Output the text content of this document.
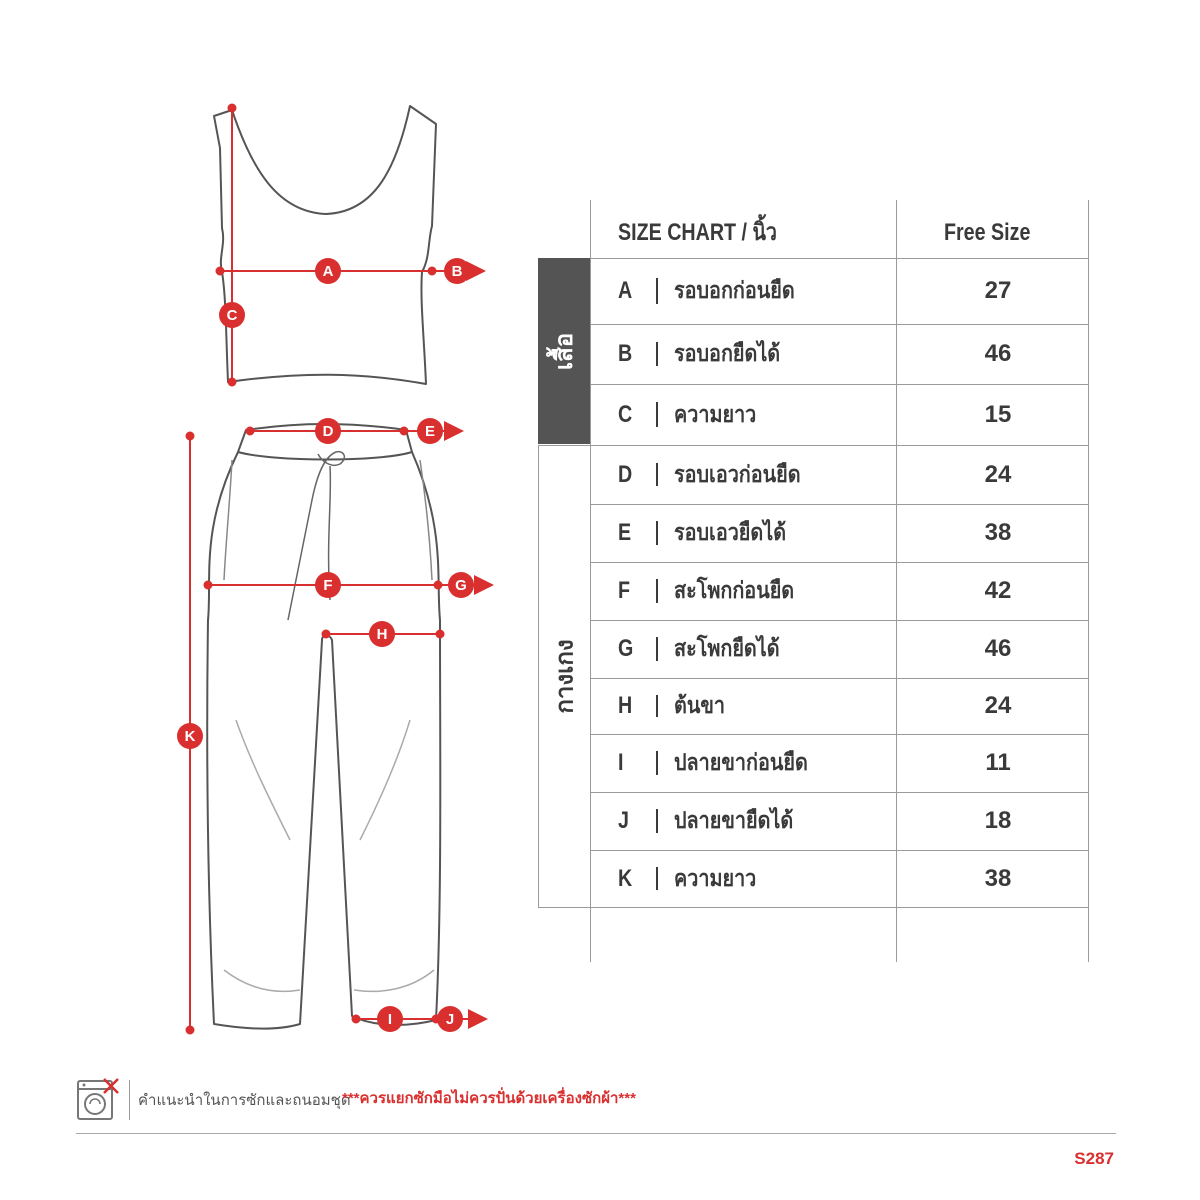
A	B
C
D	E
F	G
H
I	J
K
SIZE CHART / นิ้ว	Free Size
เสื้อ
กางเกง
A รอบอกก่อนยืด	27
B รอบอกยืดได้	46
C ความยาว	15
D รอบเอวก่อนยืด	24
E รอบเอวยืดได้	38
F สะโพกก่อนยืด	42
G สะโพกยืดได้	46
H ต้นขา	24
I ปลายขาก่อนยืด	11
J ปลายขายืดได้	18
K ความยาว	38
คำแนะนำในการซักและถนอมชุด
***ควรแยกซักมือไม่ควรปั่นด้วยเครื่องซักผ้า***
S287
